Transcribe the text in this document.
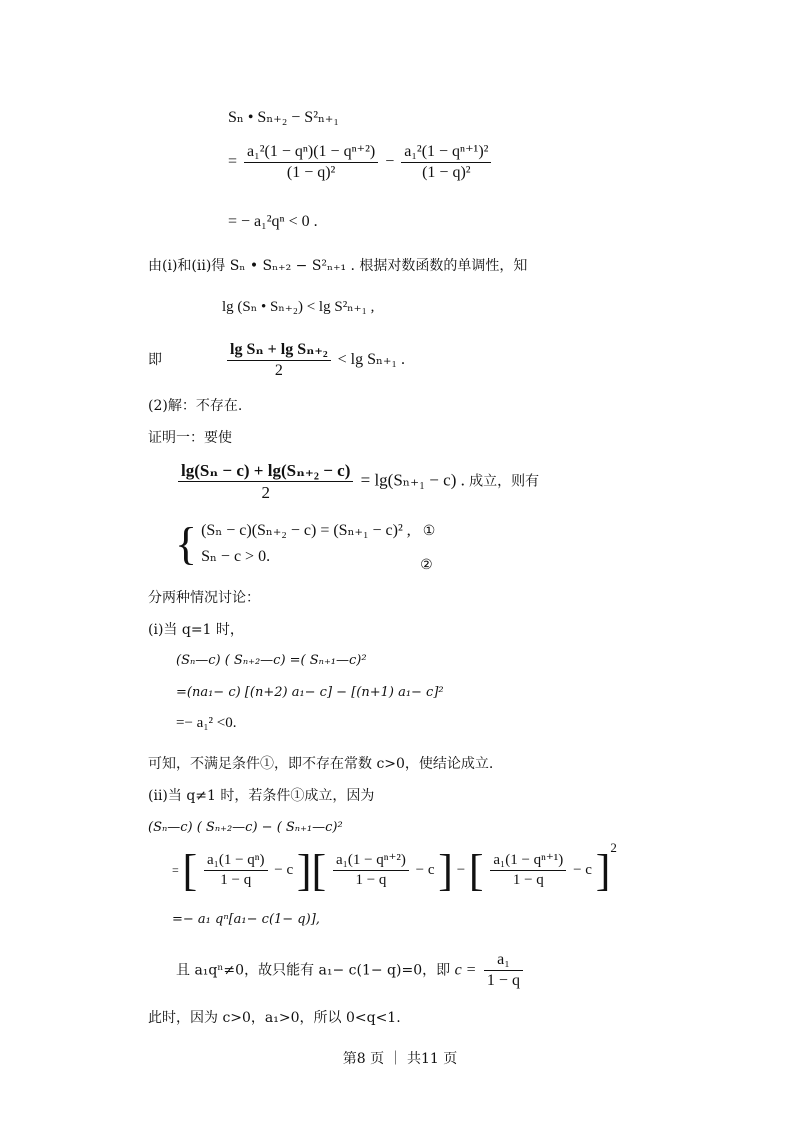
Sₙ • Sₙ₊₂ − S²ₙ₊₁
= $\frac{\text{a₁²(1 − qⁿ)(1 − qⁿ⁺²)}}{\text{(1 − q)²}} - \frac{\text{a₁²(1 − qⁿ⁺¹)²}}{\text{(1 − q)²}}$
= − a₁²qⁿ < 0 .
由(i)和(ii)得 Sₙ • Sₙ₊₂ − S²ₙ₊₁ . 根据对数函数的单调性，知
lg (Sₙ • Sₙ₊₂) < lg S²ₙ₊₁ ,
即	$\frac{\text{lg Sₙ + lg Sₙ₊₂}}{2} < \lg S_{n+1}$ .
(2)解：不存在.
证明一：要使
$\frac{\text{lg(Sₙ − c) + lg(Sₙ₊₂ − c)}}{2} = \lg(S_{n+1} - c)$ . 成立，则有
{ (Sₙ − c)(Sₙ₊₂ − c) = (Sₙ₊₁ − c)² , ①
Sₙ − c > 0.②
分两种情况讨论：
(i)当 q=1 时，
(Sₙ—c) ( Sₙ₊₂—c) =( Sₙ₊₁—c)²
=(na₁− c) [(n+2) a₁− c] − [(n+1) a₁− c]²
=− a₁² <0.
可知，不满足条件①，即不存在常数 c>0，使结论成立.
(ii)当 q≠1 时，若条件①成立，因为
(Sₙ—c) ( Sₙ₊₂—c) − ( Sₙ₊₁—c)²
= [ $\frac{\text{a₁(1 − qⁿ)}}{1 - q} - c$ ][ $\frac{\text{a₁(1 − qⁿ⁺²)}}{1 - q} - c$ ] − [ $\frac{\text{a₁(1 − qⁿ⁺¹)}}{1 - q} - c$ ]$^2$
=− a₁ qⁿ[a₁− c(1− q)],
且 a₁qⁿ≠0，故只能有 a₁− c(1− q)=0，即 $c = \frac{\text{a₁}}{1 - q}$
此时，因为 c>0，a₁>0，所以 0<q<1.
第8 页 ｜ 共11 页
